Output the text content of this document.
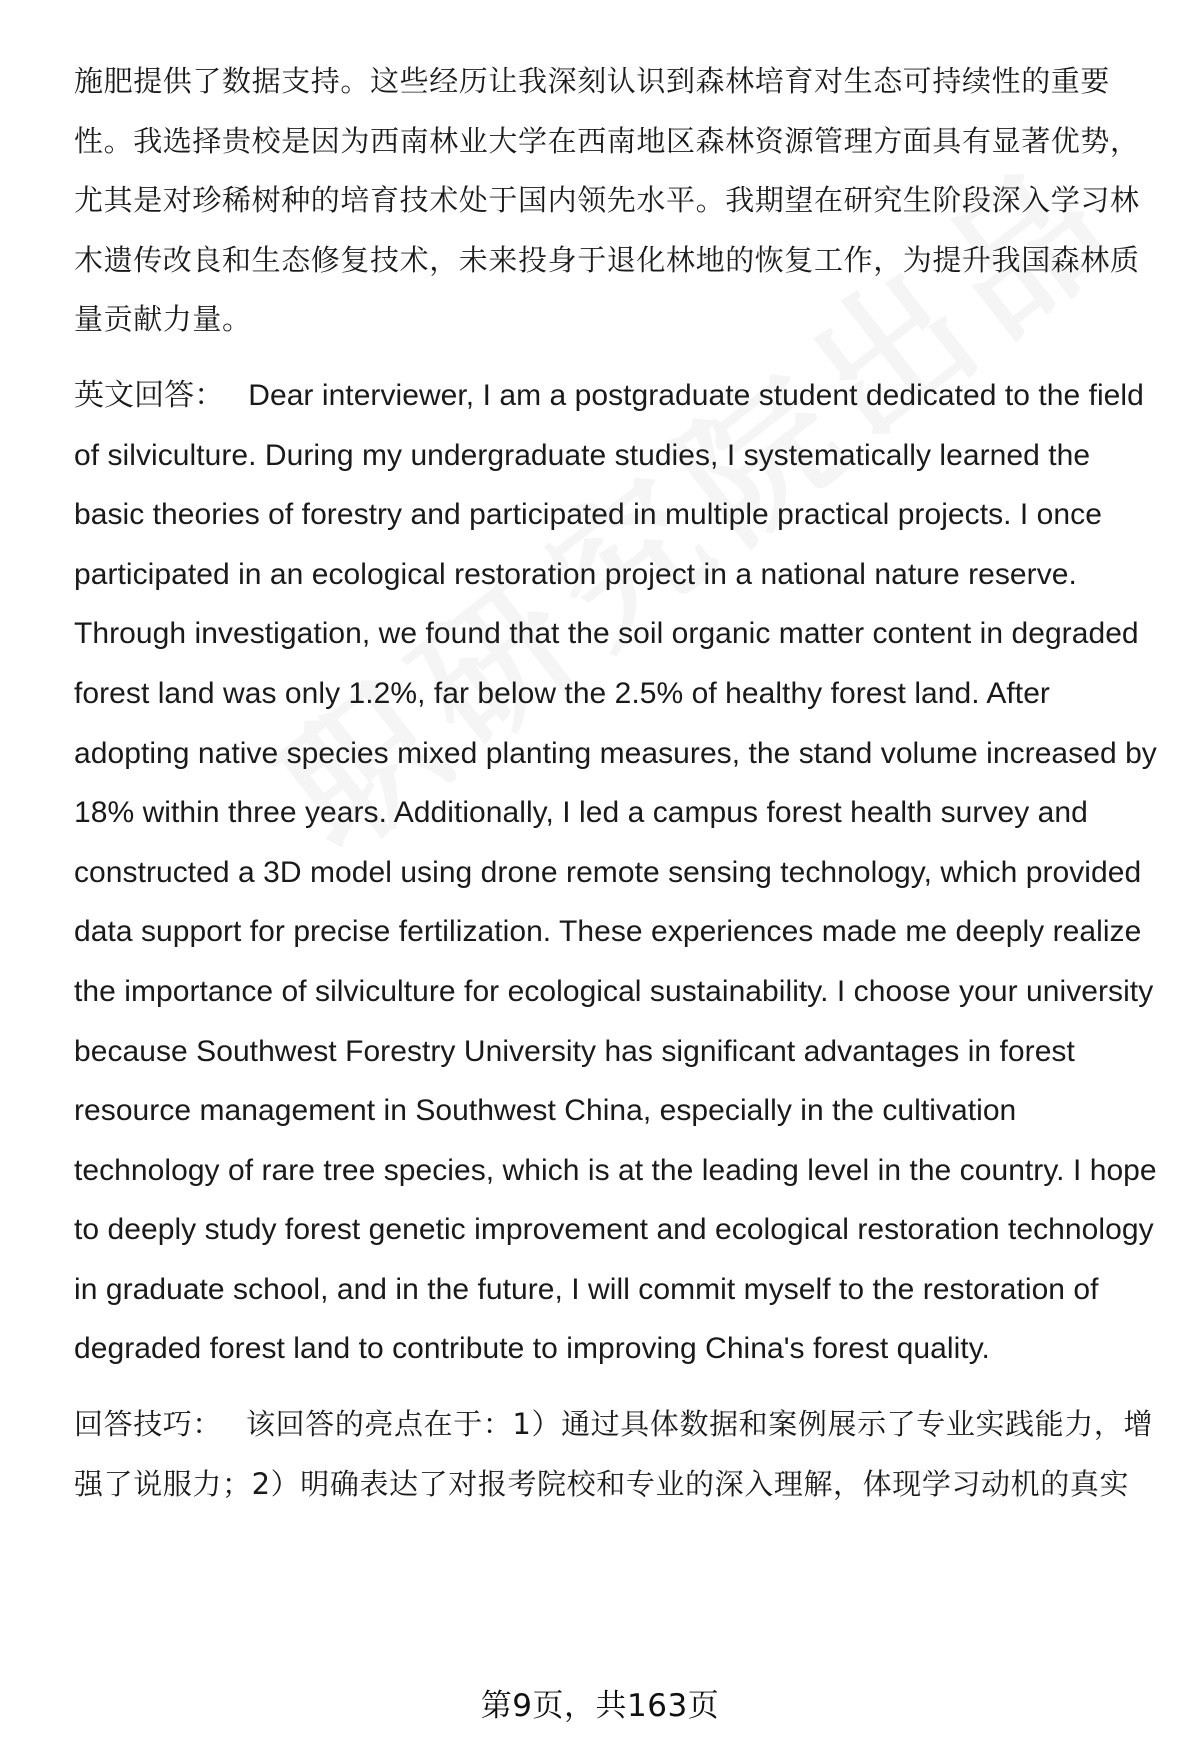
施肥提供了数据支持。这些经历让我深刻认识到森林培育对生态可持续性的重要性。我选择贵校是因为西南林业大学在西南地区森林资源管理方面具有显著优势，尤其是对珍稀树种的培育技术处于国内领先水平。我期望在研究生阶段深入学习林木遗传改良和生态修复技术，未来投身于退化林地的恢复工作，为提升我国森林质量贡献力量。

英文回答： Dear interviewer, I am a postgraduate student dedicated to the field of silviculture. During my undergraduate studies, I systematically learned the basic theories of forestry and participated in multiple practical projects. I once participated in an ecological restoration project in a national nature reserve. Through investigation, we found that the soil organic matter content in degraded forest land was only 1.2%, far below the 2.5% of healthy forest land. After adopting native species mixed planting measures, the stand volume increased by 18% within three years. Additionally, I led a campus forest health survey and constructed a 3D model using drone remote sensing technology, which provided data support for precise fertilization. These experiences made me deeply realize the importance of silviculture for ecological sustainability. I choose your university because Southwest Forestry University has significant advantages in forest resource management in Southwest China, especially in the cultivation technology of rare tree species, which is at the leading level in the country. I hope to deeply study forest genetic improvement and ecological restoration technology in graduate school, and in the future, I will commit myself to the restoration of degraded forest land to contribute to improving China's forest quality.

回答技巧： 该回答的亮点在于：1）通过具体数据和案例展示了专业实践能力，增强了说服力；2）明确表达了对报考院校和专业的深入理解，体现学习动机的真实

第9页，共163页
